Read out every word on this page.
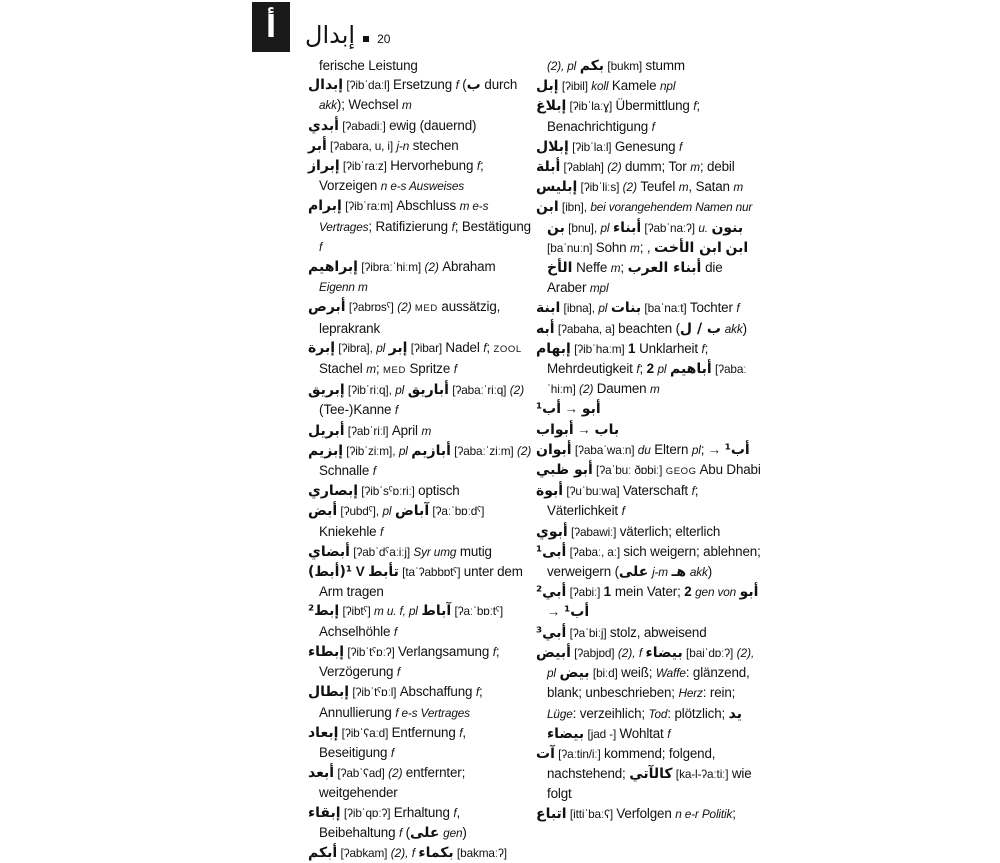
أ	إبدال 20

ferische Leistung

إبدال [ʔibˈdaːl] Ersetzung f (ب durch akk); Wechsel m

أبدي [ʔabadiː] ewig (dauernd)

أبر [ʔabara, u, i] j-n stechen

إبراز [ʔibˈraːz] Hervorhebung f; Vorzeigen n e-s Ausweises

إبرام [ʔibˈraːm] Abschluss m e-s Vertrages; Ratifizierung f; Bestätigung f

إبراهيم [ʔibraːˈhiːm] (2) Abraham Eigenn m

أبرص [ʔabrɒsˤ] (2) MED aussätzig, leprakrank

إبرة [ʔibra], pl إبر [ʔibar] Nadel f; ZOOL Stachel m; MED Spritze f

إبريق [ʔibˈriːq], pl أباريق [ʔabaːˈriːq] (2) (Tee-)Kanne f

أبريل [ʔabˈriːl] April m

إبزيم [ʔibˈziːm], pl أبازيم [ʔabaːˈziːm] (2) Schnalle f

إبصاري [ʔibˈsˤɒːriː] optisch

أبض [ʔubdˤ], pl آباض [ʔaːˈbɒːdˤ] Kniekehle f

أبضاي [ʔabˈdˤaːiːj] Syr umg mutig

(أبط)¹ V تأبط [taˈʔabbɒtˤ] unter dem Arm tragen

إبط² [ʔibtˤ] m u. f, pl آباط [ʔaːˈbɒːtˤ] Achselhöhle f

إبطاء [ʔibˈtˤɒːʔ] Verlangsamung f; Verzögerung f

إبطال [ʔibˈtˤɒːl] Abschaffung f; Annullierung f e-s Vertrages

إبعاد [ʔibˈʕaːd] Entfernung f, Beseitigung f

أبعد [ʔabˈʕad] (2) entfernter; weitgehender

إبقاء [ʔibˈqɒːʔ] Erhaltung f, Beibehaltung f (على gen)

أبكم [ʔabkam] (2), f بكماء [bakmaːʔ]

(2), pl بكم [bukm] stumm

إبل [ʔibil] koll Kamele npl

إبلاغ [ʔibˈlaːɣ] Übermittlung f; Benachrichtigung f

إبلال [ʔibˈlaːl] Genesung f

أبلة [ʔablah] (2) dumm; Tor m; debil

إبليس [ʔibˈliːs] (2) Teufel m, Satan m

ابن [ibn], bei vorangehendem Namen nur بن [bnu], pl أبناء [ʔabˈnaːʔ] u. بنون [baˈnuːn] Sohn m; , ابن الأخت ابن الأخ Neffe m; أبناء العرب die Araber mpl

ابنة [ibna], pl بنات [baˈnaːt] Tochter f

أبه [ʔabaha, a] beachten (ب / ل akk)

إبهام [ʔibˈhaːm] 1 Unklarheit f; Mehrdeutigkeit f; 2 pl أباهيم [ʔabaːˈhiːm] (2) Daumen m

أب¹ → أبو

أبواب → باب

أبوان [ʔabaˈwaːn] du Eltern pl; → أب¹

أبو ظبي [ʔaˈbuː ðɒbiː] GEOG Abu Dhabi

أبوة [ʔuˈbuːwa] Vaterschaft f; Väterlichkeit f

أبوي [ʔabawiː] väterlich; elterlich

أبى¹ [ʔabaː, aː] sich weigern; ablehnen; verweigern (على j-m هـ akk)

أبي² [ʔabiː] 1 mein Vater; 2 gen von أبو → أب¹

أبي³ [ʔaˈbiːj] stolz, abweisend

أبيض [ʔabjɒd] (2), f بيضاء [baiˈdɒːʔ] (2), pl بيض [biːd] weiß; Waffe: glänzend, blank; unbeschrieben; Herz: rein; Lüge: verzeihlich; Tod: plötzlich; يد بيضاء [jad -] Wohltat f

آت [ʔaːtin/iː] kommend; folgend, nachstehend; كالآتي [ka-l-ʔaːtiː] wie folgt

اتباع [ittiˈbaːʕ] Verfolgen n e-r Politik;
